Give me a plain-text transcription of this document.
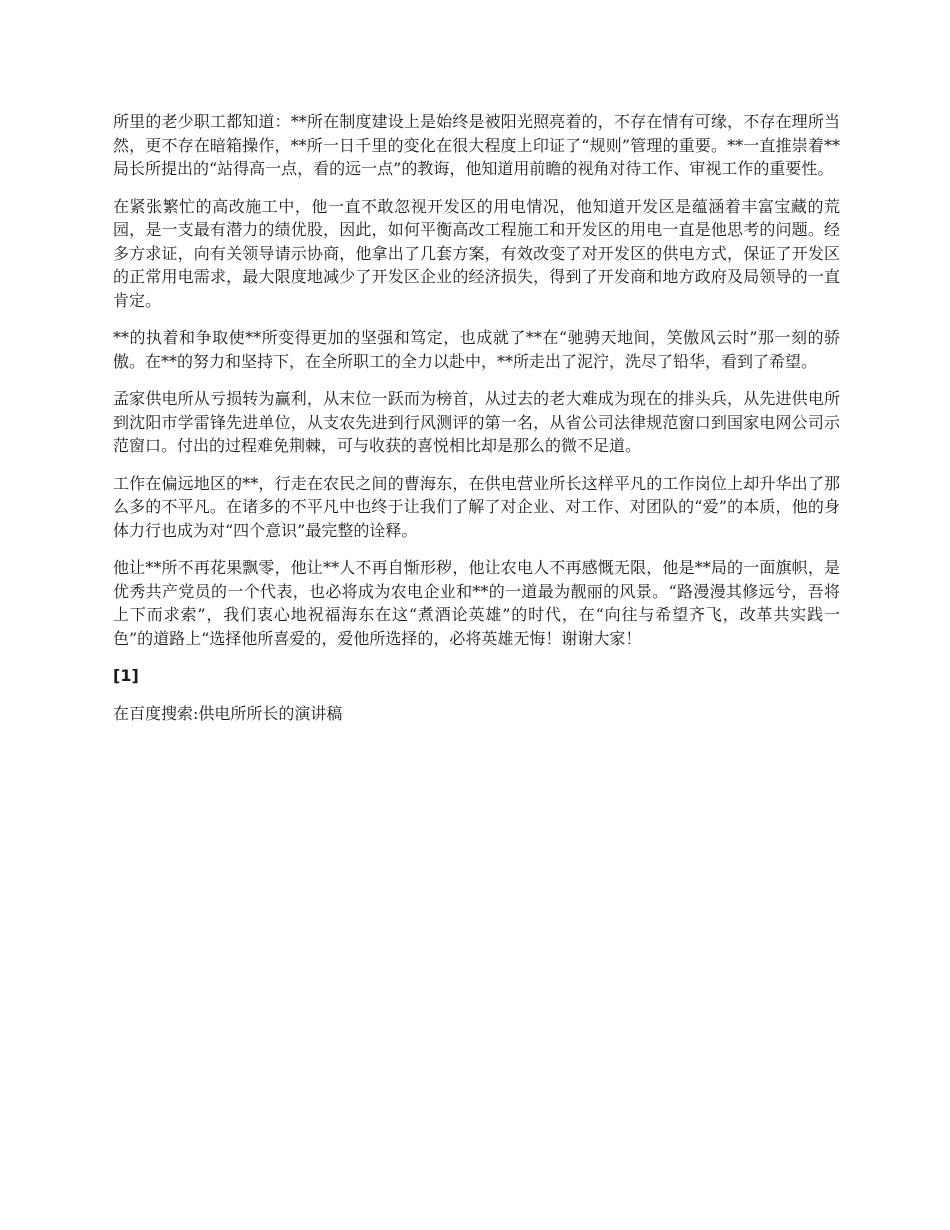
所里的老少职工都知道：**所在制度建设上是始终是被阳光照亮着的，不存在情有可缘，不存在理所当然，更不存在暗箱操作，**所一日千里的变化在很大程度上印证了“规则”管理的重要。**一直推崇着**局长所提出的“站得高一点，看的远一点”的教诲，他知道用前瞻的视角对待工作、审视工作的重要性。

在紧张繁忙的高改施工中，他一直不敢忽视开发区的用电情况，他知道开发区是蕴涵着丰富宝藏的荒园，是一支最有潜力的绩优股，因此，如何平衡高改工程施工和开发区的用电一直是他思考的问题。经多方求证，向有关领导请示协商，他拿出了几套方案，有效改变了对开发区的供电方式，保证了开发区的正常用电需求，最大限度地减少了开发区企业的经济损失，得到了开发商和地方政府及局领导的一直肯定。

**的执着和争取使**所变得更加的坚强和笃定，也成就了**在“驰骋天地间，笑傲风云时”那一刻的骄傲。在**的努力和坚持下，在全所职工的全力以赴中，**所走出了泥泞，洗尽了铅华，看到了希望。

孟家供电所从亏损转为赢利，从末位一跃而为榜首，从过去的老大难成为现在的排头兵，从先进供电所到沈阳市学雷锋先进单位，从支农先进到行风测评的第一名，从省公司法律规范窗口到国家电网公司示范窗口。付出的过程难免荆棘，可与收获的喜悦相比却是那么的微不足道。

工作在偏远地区的**，行走在农民之间的曹海东，在供电营业所长这样平凡的工作岗位上却升华出了那么多的不平凡。在诸多的不平凡中也终于让我们了解了对企业、对工作、对团队的“爱”的本质，他的身体力行也成为对“四个意识”最完整的诠释。

他让**所不再花果飘零，他让**人不再自惭形秽，他让农电人不再感慨无限，他是**局的一面旗帜，是优秀共产党员的一个代表，也必将成为农电企业和**的一道最为靓丽的风景。“路漫漫其修远兮，吾将上下而求索”，我们衷心地祝福海东在这“煮酒论英雄”的时代，在“向往与希望齐飞，改革共实践一色”的道路上“选择他所喜爱的，爱他所选择的，必将英雄无悔！谢谢大家！

[1]

在百度搜索:供电所所长的演讲稿
